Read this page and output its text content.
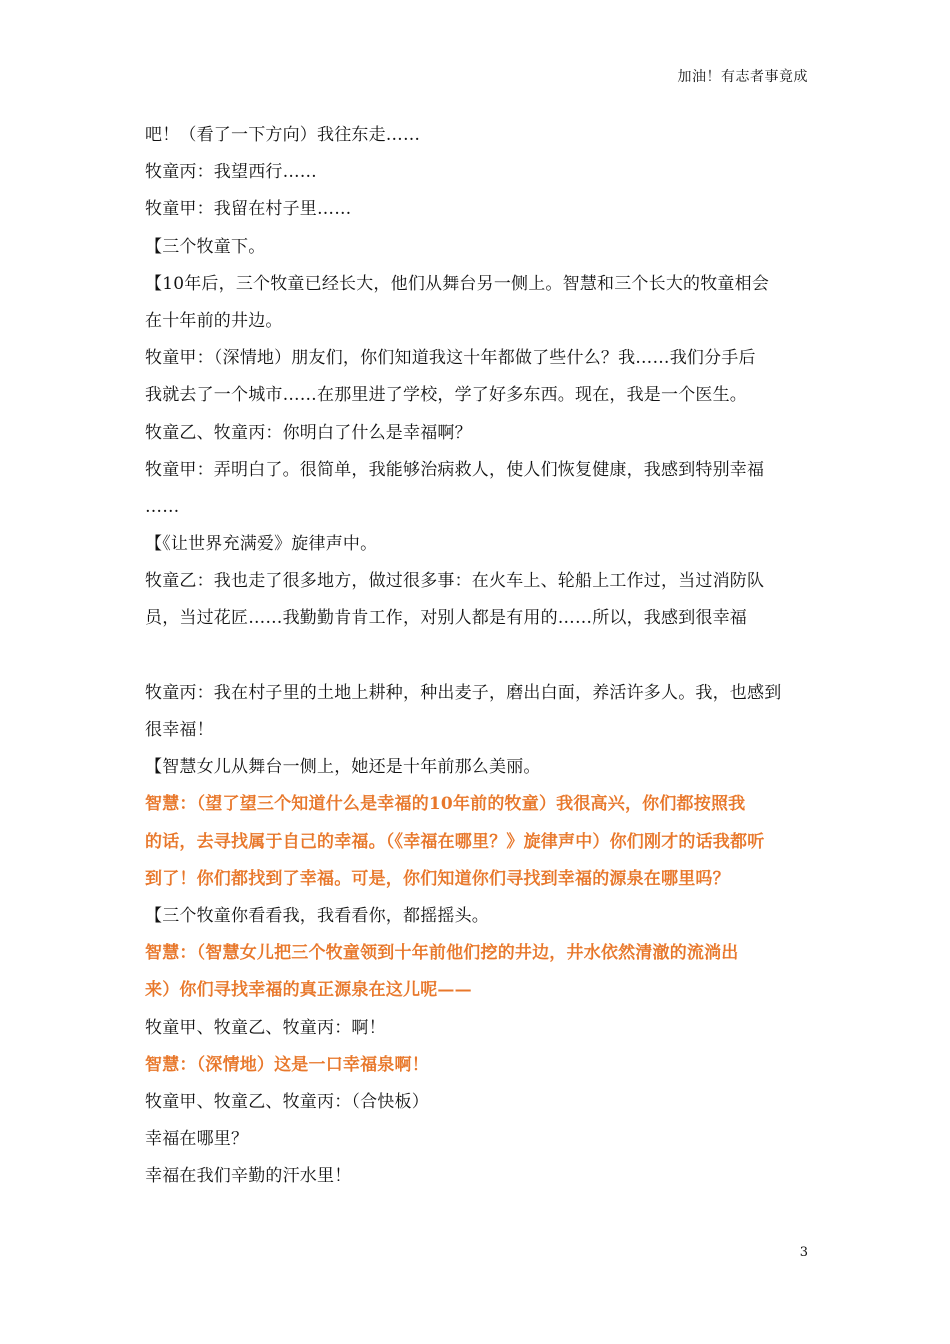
加油！有志者事竟成
吧！（看了一下方向）我往东走……
牧童丙：我望西行……
牧童甲：我留在村子里……
【三个牧童下。
【10年后，三个牧童已经长大，他们从舞台另一侧上。智慧和三个长大的牧童相会
在十年前的井边。
牧童甲：（深情地）朋友们，你们知道我这十年都做了些什么？我……我们分手后
我就去了一个城市……在那里进了学校，学了好多东西。现在，我是一个医生。
牧童乙、牧童丙：你明白了什么是幸福啊？
牧童甲：弄明白了。很简单，我能够治病救人，使人们恢复健康，我感到特别幸福
……
【《让世界充满爱》旋律声中。
牧童乙：我也走了很多地方，做过很多事：在火车上、轮船上工作过，当过消防队
员，当过花匠……我勤勤肯肯工作，对别人都是有用的……所以，我感到很幸福
牧童丙：我在村子里的土地上耕种，种出麦子，磨出白面，养活许多人。我，也感到
很幸福！
【智慧女儿从舞台一侧上，她还是十年前那么美丽。
智慧：（望了望三个知道什么是幸福的10年前的牧童）我很高兴，你们都按照我
的话，去寻找属于自己的幸福。（《幸福在哪里？》旋律声中）你们刚才的话我都听
到了！你们都找到了幸福。可是，你们知道你们寻找到幸福的源泉在哪里吗？
【三个牧童你看看我，我看看你，都摇摇头。
智慧：（智慧女儿把三个牧童领到十年前他们挖的井边，井水依然清澈的流淌出
来）你们寻找幸福的真正源泉在这儿呢——
牧童甲、牧童乙、牧童丙：啊！
智慧：（深情地）这是一口幸福泉啊！
牧童甲、牧童乙、牧童丙：（合快板）
幸福在哪里？
幸福在我们辛勤的汗水里！
3
